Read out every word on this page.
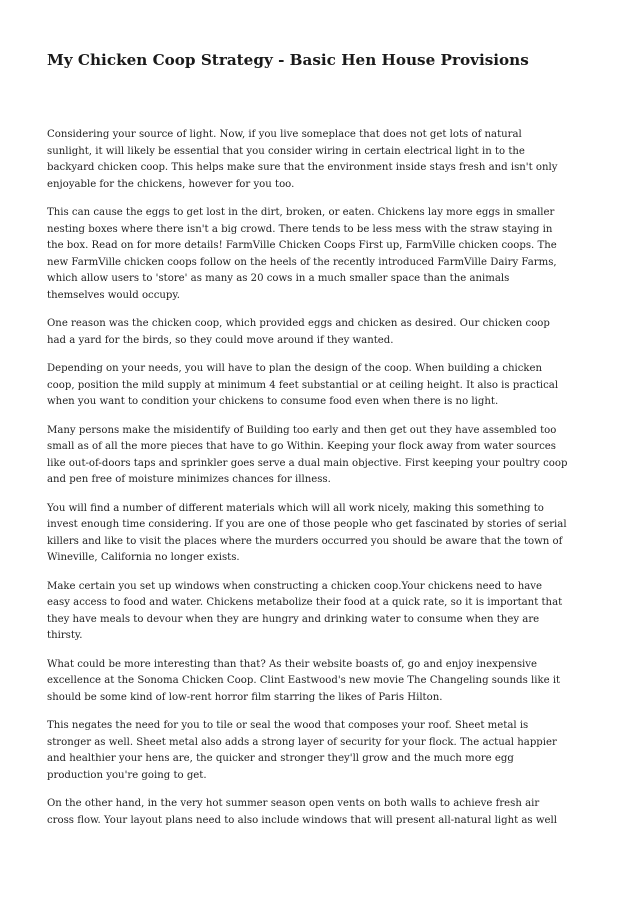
My Chicken Coop Strategy - Basic Hen House Provisions

Considering your source of light. Now, if you live someplace that does not get lots of natural
sunlight, it will likely be essential that you consider wiring in certain electrical light in to the
backyard chicken coop. This helps make sure that the environment inside stays fresh and isn't only
enjoyable for the chickens, however for you too.

This can cause the eggs to get lost in the dirt, broken, or eaten. Chickens lay more eggs in smaller
nesting boxes where there isn't a big crowd. There tends to be less mess with the straw staying in
the box. Read on for more details! FarmVille Chicken Coops First up, FarmVille chicken coops. The
new FarmVille chicken coops follow on the heels of the recently introduced FarmVille Dairy Farms,
which allow users to 'store' as many as 20 cows in a much smaller space than the animals
themselves would occupy.

One reason was the chicken coop, which provided eggs and chicken as desired. Our chicken coop
had a yard for the birds, so they could move around if they wanted.

Depending on your needs, you will have to plan the design of the coop. When building a chicken
coop, position the mild supply at minimum 4 feet substantial or at ceiling height. It also is practical
when you want to condition your chickens to consume food even when there is no light.

Many persons make the misidentify of Building too early and then get out they have assembled too
small as of all the more pieces that have to go Within. Keeping your flock away from water sources
like out-of-doors taps and sprinkler goes serve a dual main objective. First keeping your poultry coop
and pen free of moisture minimizes chances for illness.

You will find a number of different materials which will all work nicely, making this something to
invest enough time considering. If you are one of those people who get fascinated by stories of serial
killers and like to visit the places where the murders occurred you should be aware that the town of
Wineville, California no longer exists.

Make certain you set up windows when constructing a chicken coop.Your chickens need to have
easy access to food and water. Chickens metabolize their food at a quick rate, so it is important that
they have meals to devour when they are hungry and drinking water to consume when they are
thirsty.

What could be more interesting than that? As their website boasts of, go and enjoy inexpensive
excellence at the Sonoma Chicken Coop. Clint Eastwood's new movie The Changeling sounds like it
should be some kind of low-rent horror film starring the likes of Paris Hilton.

This negates the need for you to tile or seal the wood that composes your roof. Sheet metal is
stronger as well. Sheet metal also adds a strong layer of security for your flock. The actual happier
and healthier your hens are, the quicker and stronger they'll grow and the much more egg
production you're going to get.

On the other hand, in the very hot summer season open vents on both walls to achieve fresh air
cross flow. Your layout plans need to also include windows that will present all-natural light as well
